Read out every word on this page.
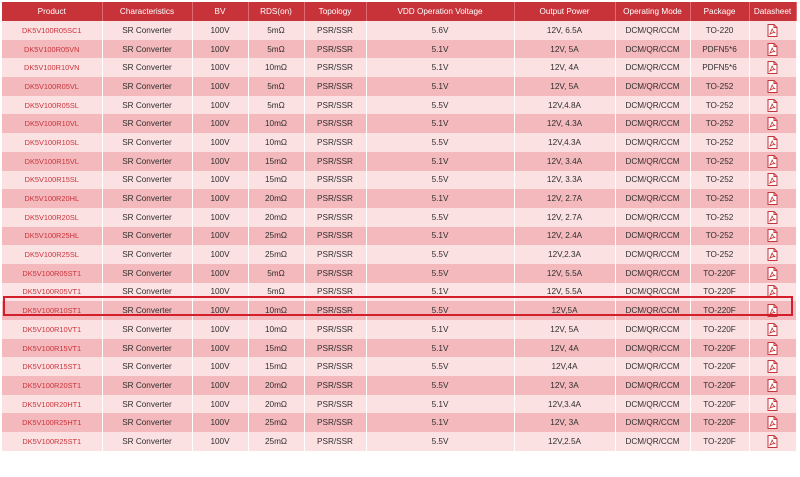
Product	Characteristics	BV	RDS(on)	Topology	VDD Operation Voltage	Output Power	Operating Mode	Package	Datasheet
DK5V100R05SC1	SR Converter	100V	5mΩ	PSR/SSR	5.6V	12V, 6.5A	DCM/QR/CCM	TO-220	
DK5V100R05VN	SR Converter	100V	5mΩ	PSR/SSR	5.1V	12V, 5A	DCM/QR/CCM	PDFN5*6	
DK5V100R10VN	SR Converter	100V	10mΩ	PSR/SSR	5.1V	12V, 4A	DCM/QR/CCM	PDFN5*6	
DK5V100R05VL	SR Converter	100V	5mΩ	PSR/SSR	5.1V	12V, 5A	DCM/QR/CCM	TO-252	
DK5V100R05SL	SR Converter	100V	5mΩ	PSR/SSR	5.5V	12V,4.8A	DCM/QR/CCM	TO-252	
DK5V100R10VL	SR Converter	100V	10mΩ	PSR/SSR	5.1V	12V, 4.3A	DCM/QR/CCM	TO-252	
DK5V100R10SL	SR Converter	100V	10mΩ	PSR/SSR	5.5V	12V,4.3A	DCM/QR/CCM	TO-252	
DK5V100R15VL	SR Converter	100V	15mΩ	PSR/SSR	5.1V	12V, 3.4A	DCM/QR/CCM	TO-252	
DK5V100R15SL	SR Converter	100V	15mΩ	PSR/SSR	5.5V	12V, 3.3A	DCM/QR/CCM	TO-252	
DK5V100R20HL	SR Converter	100V	20mΩ	PSR/SSR	5.1V	12V, 2.7A	DCM/QR/CCM	TO-252	
DK5V100R20SL	SR Converter	100V	20mΩ	PSR/SSR	5.5V	12V, 2.7A	DCM/QR/CCM	TO-252	
DK5V100R25HL	SR Converter	100V	25mΩ	PSR/SSR	5.1V	12V, 2.4A	DCM/QR/CCM	TO-252	
DK5V100R25SL	SR Converter	100V	25mΩ	PSR/SSR	5.5V	12V,2.3A	DCM/QR/CCM	TO-252	
DK5V100R05ST1	SR Converter	100V	5mΩ	PSR/SSR	5.5V	12V, 5.5A	DCM/QR/CCM	TO-220F	
DK5V100R05VT1	SR Converter	100V	5mΩ	PSR/SSR	5.1V	12V, 5.5A	DCM/QR/CCM	TO-220F	
DK5V100R10ST1	SR Converter	100V	10mΩ	PSR/SSR	5.5V	12V,5A	DCM/QR/CCM	TO-220F	
DK5V100R10VT1	SR Converter	100V	10mΩ	PSR/SSR	5.1V	12V, 5A	DCM/QR/CCM	TO-220F	
DK5V100R15VT1	SR Converter	100V	15mΩ	PSR/SSR	5.1V	12V, 4A	DCM/QR/CCM	TO-220F	
DK5V100R15ST1	SR Converter	100V	15mΩ	PSR/SSR	5.5V	12V,4A	DCM/QR/CCM	TO-220F	
DK5V100R20ST1	SR Converter	100V	20mΩ	PSR/SSR	5.5V	12V, 3A	DCM/QR/CCM	TO-220F	
DK5V100R20HT1	SR Converter	100V	20mΩ	PSR/SSR	5.1V	12V,3.4A	DCM/QR/CCM	TO-220F	
DK5V100R25HT1	SR Converter	100V	25mΩ	PSR/SSR	5.1V	12V, 3A	DCM/QR/CCM	TO-220F	
DK5V100R25ST1	SR Converter	100V	25mΩ	PSR/SSR	5.5V	12V,2.5A	DCM/QR/CCM	TO-220F	
